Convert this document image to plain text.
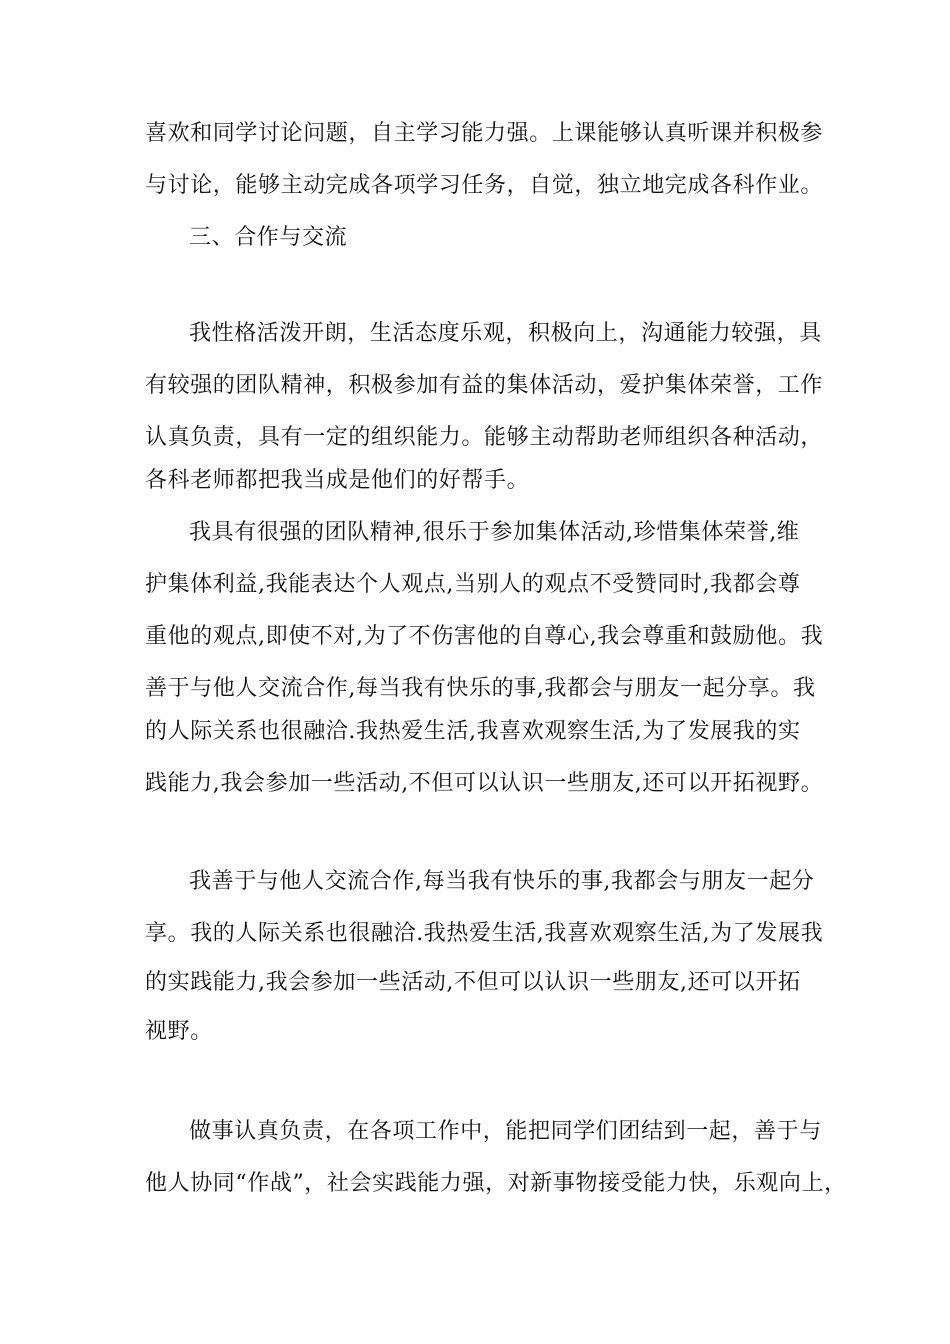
喜欢和同学讨论问题，自主学习能力强。上课能够认真听课并积极参
与讨论，能够主动完成各项学习任务，自觉，独立地完成各科作业。
三、合作与交流
我性格活泼开朗，生活态度乐观，积极向上，沟通能力较强，具
有较强的团队精神，积极参加有益的集体活动，爱护集体荣誉，工作
认真负责，具有一定的组织能力。能够主动帮助老师组织各种活动，
各科老师都把我当成是他们的好帮手。
我具有很强的团队精神,很乐于参加集体活动,珍惜集体荣誉,维
护集体利益,我能表达个人观点,当别人的观点不受赞同时,我都会尊
重他的观点,即使不对,为了不伤害他的自尊心,我会尊重和鼓励他。我
善于与他人交流合作,每当我有快乐的事,我都会与朋友一起分享。我
的人际关系也很融洽.我热爱生活,我喜欢观察生活,为了发展我的实
践能力,我会参加一些活动,不但可以认识一些朋友,还可以开拓视野。
我善于与他人交流合作,每当我有快乐的事,我都会与朋友一起分
享。我的人际关系也很融洽.我热爱生活,我喜欢观察生活,为了发展我
的实践能力,我会参加一些活动,不但可以认识一些朋友,还可以开拓
视野。
做事认真负责，在各项工作中，能把同学们团结到一起，善于与
他人协同“作战”，社会实践能力强，对新事物接受能力快，乐观向上，
